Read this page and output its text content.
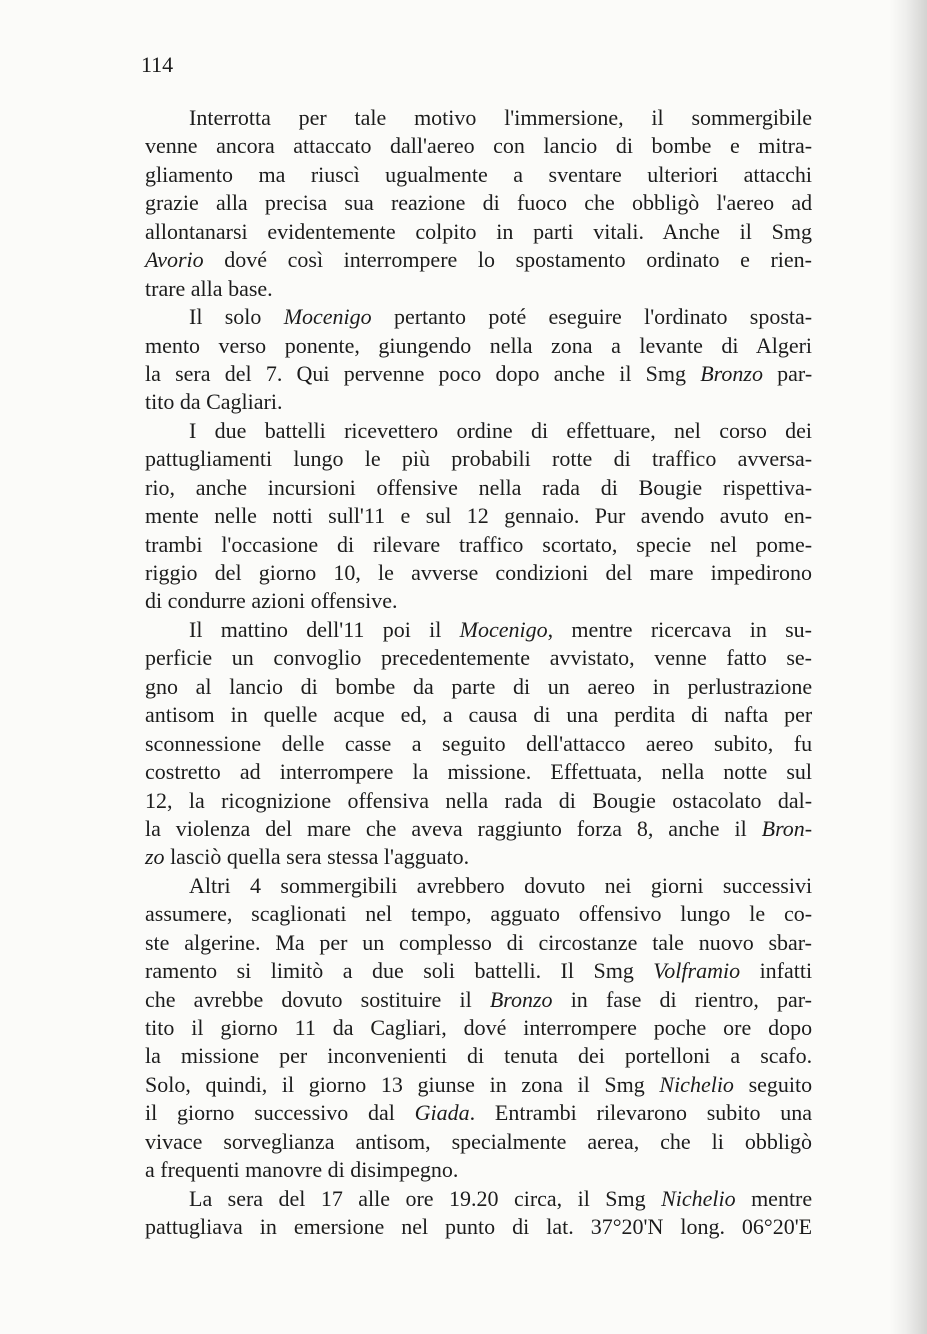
114
Interrotta per tale motivo l'immersione, il sommergibile
venne ancora attaccato dall'aereo con lancio di bombe e mitra-
gliamento ma riuscì ugualmente a sventare ulteriori attacchi
grazie alla precisa sua reazione di fuoco che obbligò l'aereo ad
allontanarsi evidentemente colpito in parti vitali. Anche il Smg
Avorio dové così interrompere lo spostamento ordinato e rien-
trare alla base.
Il solo Mocenigo pertanto poté eseguire l'ordinato sposta-
mento verso ponente, giungendo nella zona a levante di Algeri
la sera del 7. Qui pervenne poco dopo anche il Smg Bronzo par-
tito da Cagliari.
I due battelli ricevettero ordine di effettuare, nel corso dei
pattugliamenti lungo le più probabili rotte di traffico avversa-
rio, anche incursioni offensive nella rada di Bougie rispettiva-
mente nelle notti sull'11 e sul 12 gennaio. Pur avendo avuto en-
trambi l'occasione di rilevare traffico scortato, specie nel pome-
riggio del giorno 10, le avverse condizioni del mare impedirono
di condurre azioni offensive.
Il mattino dell'11 poi il Mocenigo, mentre ricercava in su-
perficie un convoglio precedentemente avvistato, venne fatto se-
gno al lancio di bombe da parte di un aereo in perlustrazione
antisom in quelle acque ed, a causa di una perdita di nafta per
sconnessione delle casse a seguito dell'attacco aereo subito, fu
costretto ad interrompere la missione. Effettuata, nella notte sul
12, la ricognizione offensiva nella rada di Bougie ostacolato dal-
la violenza del mare che aveva raggiunto forza 8, anche il Bron-
zo lasciò quella sera stessa l'agguato.
Altri 4 sommergibili avrebbero dovuto nei giorni successivi
assumere, scaglionati nel tempo, agguato offensivo lungo le co-
ste algerine. Ma per un complesso di circostanze tale nuovo sbar-
ramento si limitò a due soli battelli. Il Smg Volframio infatti
che avrebbe dovuto sostituire il Bronzo in fase di rientro, par-
tito il giorno 11 da Cagliari, dové interrompere poche ore dopo
la missione per inconvenienti di tenuta dei portelloni a scafo.
Solo, quindi, il giorno 13 giunse in zona il Smg Nichelio seguito
il giorno successivo dal Giada. Entrambi rilevarono subito una
vivace sorveglianza antisom, specialmente aerea, che li obbligò
a frequenti manovre di disimpegno.
La sera del 17 alle ore 19.20 circa, il Smg Nichelio mentre
pattugliava in emersione nel punto di lat. 37°20'N long. 06°20'E
